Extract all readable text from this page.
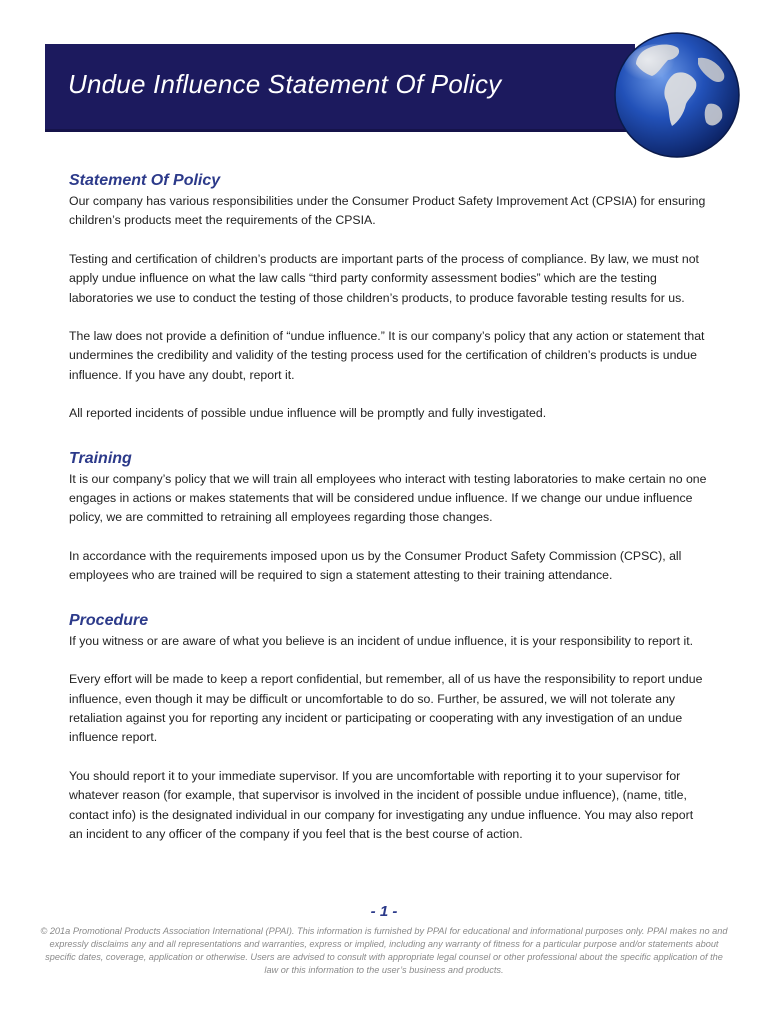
Undue Influence Statement Of Policy
Statement Of Policy

Our company has various responsibilities under the Consumer Product Safety Improvement Act (CPSIA) for ensuring children’s products meet the requirements of the CPSIA.

Testing and certification of children’s products are important parts of the process of compliance. By law, we must not apply undue influence on what the law calls “third party conformity assessment bodies” which are the testing laboratories we use to conduct the testing of those children’s products, to produce favorable testing results for us.

The law does not provide a definition of “undue influence.” It is our company’s policy that any action or statement that undermines the credibility and validity of the testing process used for the certification of children’s products is undue influence. If you have any doubt, report it.

All reported incidents of possible undue influence will be promptly and fully investigated.

Training

It is our company’s policy that we will train all employees who interact with testing laboratories to make certain no one engages in actions or makes statements that will be considered undue influence. If we change our undue influence policy, we are committed to retraining all employees regarding those changes.

In accordance with the requirements imposed upon us by the Consumer Product Safety Commission (CPSC), all employees who are trained will be required to sign a statement attesting to their training attendance.

Procedure

If you witness or are aware of what you believe is an incident of undue influence, it is your responsibility to report it.

Every effort will be made to keep a report confidential, but remember, all of us have the responsibility to report undue influence, even though it may be difficult or uncomfortable to do so. Further, be assured, we will not tolerate any retaliation against you for reporting any incident or participating or cooperating with any investigation of an undue influence report.

You should report it to your immediate supervisor. If you are uncomfortable with reporting it to your supervisor for whatever reason (for example, that supervisor is involved in the incident of possible undue influence), (name, title, contact info) is the designated individual in our company for investigating any undue influence. You may also report an incident to any officer of the company if you feel that is the best course of action.

- 1 -
© 201a Promotional Products Association International (PPAI). This information is furnished by PPAI for educational and informational purposes only. PPAI makes no and expressly disclaims any and all representations and warranties, express or implied, including any warranty of fitness for a particular purpose and/or statements about specific dates, coverage, application or otherwise. Users are advised to consult with appropriate legal counsel or other professional about the specific application of the law or this information to the user’s business and products.
